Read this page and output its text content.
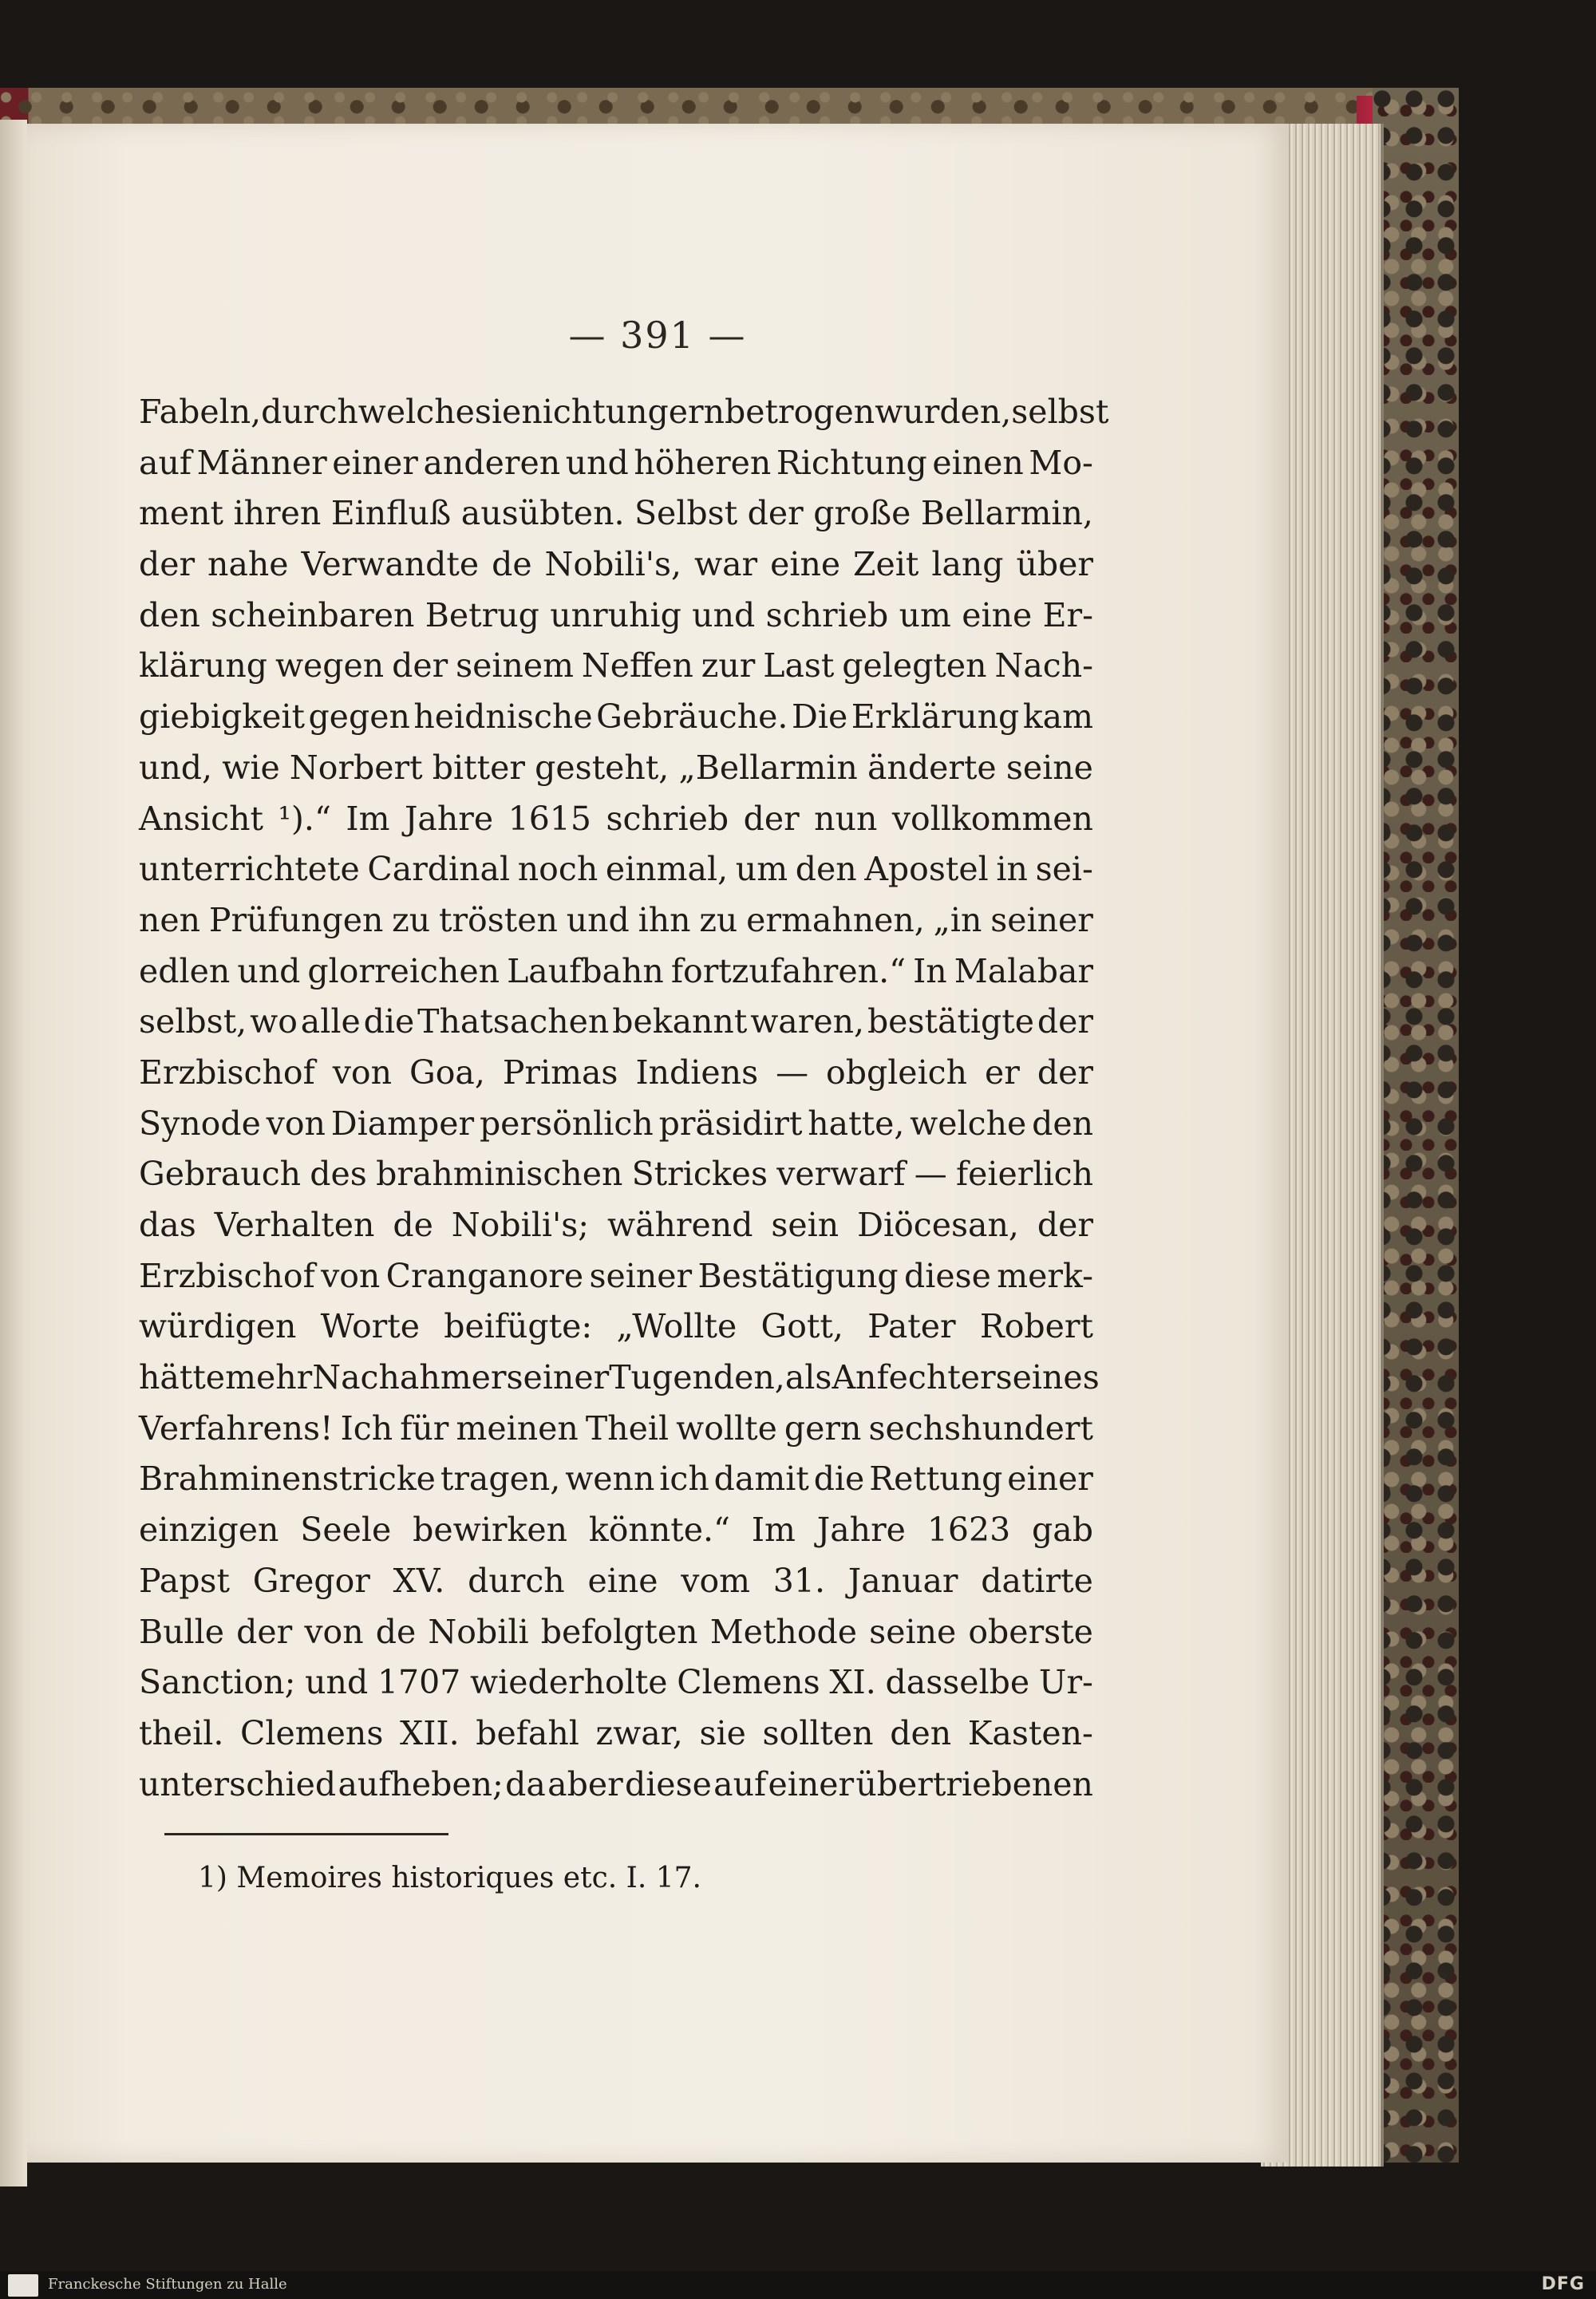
— 391 —
Fabeln, durch welche sie nicht ungern betrogen wurden, selbst
auf Männer einer anderen und höheren Richtung einen Mo-
ment ihren Einfluß ausübten. Selbst der große Bellarmin,
der nahe Verwandte de Nobili's, war eine Zeit lang über
den scheinbaren Betrug unruhig und schrieb um eine Er-
klärung wegen der seinem Neffen zur Last gelegten Nach-
giebigkeit gegen heidnische Gebräuche. Die Erklärung kam
und, wie Norbert bitter gesteht, „Bellarmin änderte seine
Ansicht ¹).“ Im Jahre 1615 schrieb der nun vollkommen
unterrichtete Cardinal noch einmal, um den Apostel in sei-
nen Prüfungen zu trösten und ihn zu ermahnen, „in seiner
edlen und glorreichen Laufbahn fortzufahren.“ In Malabar
selbst, wo alle die Thatsachen bekannt waren, bestätigte der
Erzbischof von Goa, Primas Indiens — obgleich er der
Synode von Diamper persönlich präsidirt hatte, welche den
Gebrauch des brahminischen Strickes verwarf — feierlich
das Verhalten de Nobili's; während sein Diöcesan, der
Erzbischof von Cranganore seiner Bestätigung diese merk-
würdigen Worte beifügte: „Wollte Gott, Pater Robert
hätte mehr Nachahmer seiner Tugenden, als Anfechter seines
Verfahrens! Ich für meinen Theil wollte gern sechshundert
Brahminenstricke tragen, wenn ich damit die Rettung einer
einzigen Seele bewirken könnte.“ Im Jahre 1623 gab
Papst Gregor XV. durch eine vom 31. Januar datirte
Bulle der von de Nobili befolgten Methode seine oberste
Sanction; und 1707 wiederholte Clemens XI. dasselbe Ur-
theil. Clemens XII. befahl zwar, sie sollten den Kasten-
unterschied aufheben; da aber diese auf einer übertriebenen
1) Memoires historiques etc. I. 17.
Franckesche Stiftungen zu Halle	DFG
